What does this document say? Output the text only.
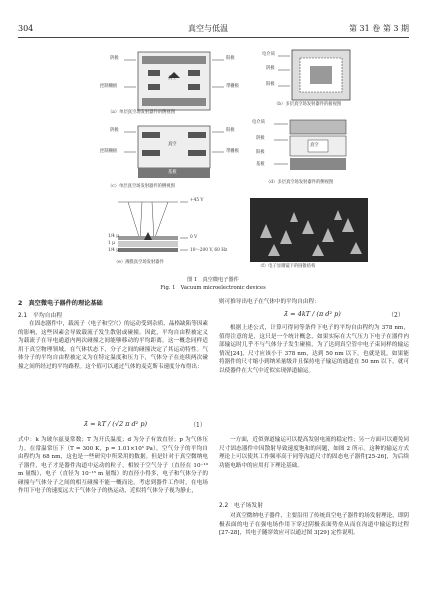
304	真空与低温	第 31 卷 第 3 期
阴极
真空
控制栅极
阳极
带栅极
（a）单层真空场发射器件的侧视图
电介质
阴极
阳极
（b）多层真空场发射器件的俯视图
阴极
控制栅极
真空
基板
阳极
带栅极
（c）单层真空场发射器件的侧视图
电介质
阴极
阳极
基板
真空
（d）多层真空场发射器件的侧视图
+45 V
0 V
10～200 V, 60 Hz
1/4 μ
1 μ
1/4 μ
（e）薄膜真空场发射器件
（f）电子显微镜下的圆锥结构
图 1　真空微电子器件
Fig. 1　Vacuum microelectronic devices
2　真空微电子器件的理论基础
2.1　平均自由程

在固态器件中，载流子（电子和空穴）的运动受到杂质、晶格缺陷等因素的影响，这些因素会导致载流子发生散射或碰撞。因此，平均自由程被定义为载流子在导电通道内两次碰撞之间能够移动的平均距离。这一概念同样适用于真空物理领域。在气体状态下，分子之间的碰撞决定了其运动特性。气体分子的平均自由程被定义为在特定温度和压力下，气体分子在连续两次碰撞之间所经过的平均路程。这个值可以通过气体的麦克斯韦速度分布得出：

λ̄ = kT / (√2 π d² p)	（1）

式中：k 为玻尔兹曼常数；T 为开氏温度；d 为分子有效直径；p 为气体压力。在常温常压下（T = 300 K，p = 1.01×10⁵ Pa），空气分子的平均自由程约为 68 nm，这也是一些研究中所采用的数据。但是针对于真空微纳电子器件，电子才是器件沟道中运动的粒子，相较于空气分子（直径在 10⁻¹⁰ m 量级），电子（直径为 10⁻¹⁵ m 量级）的直径小得多，电子和气体分子的碰撞与气体分子之间的相互碰撞不能一概而论。考虑到器件工作时，在电场作用下电子的速度远大于气体分子的热运动，近似将气体分子视为静止，

则可推导出电子在气体中的平均自由程：

λ̄ = 4kT / (π d² p)	（2）

根据上述公式，计算可得同等条件下电子的平均自由程约为 378 nm，值得注意的是，这只是一个统计概念，如果实际在大气压力下电子在器件内部输运时几乎不与气体分子发生碰撞，为了达到真空管中电子束同样的输运情况[24]，尺寸应该小于 378 nm，达到 50 nm 以下。也就是说，如果能将器件的尺寸缩小到纳米量级并且保持电子输运的通道在 50 nm 以下，就可以使器件在大气中近似实现弹道输运。

一方面，近似弹道输运可以提高发射电流的稳定性；另一方面可以避免同尺寸固态器件中因散射导致速度饱和的问题，如图 2 所示。这种的输运方式理论上可以使其工作频率高于同等沟道尺寸的固态电子器件[25-26]，为后续功能电路中的应用打下理论基础。

2.2　电子场发射

对真空微纳电子器件，主要沿用了传统真空电子器件的场发射理论，即阴极表面的电子在强电场作用下穿过阴极表面势垒从而在沟道中输运的过程[27-28]，其电子隧穿效应可以通过图 3[29] 定性说明。
